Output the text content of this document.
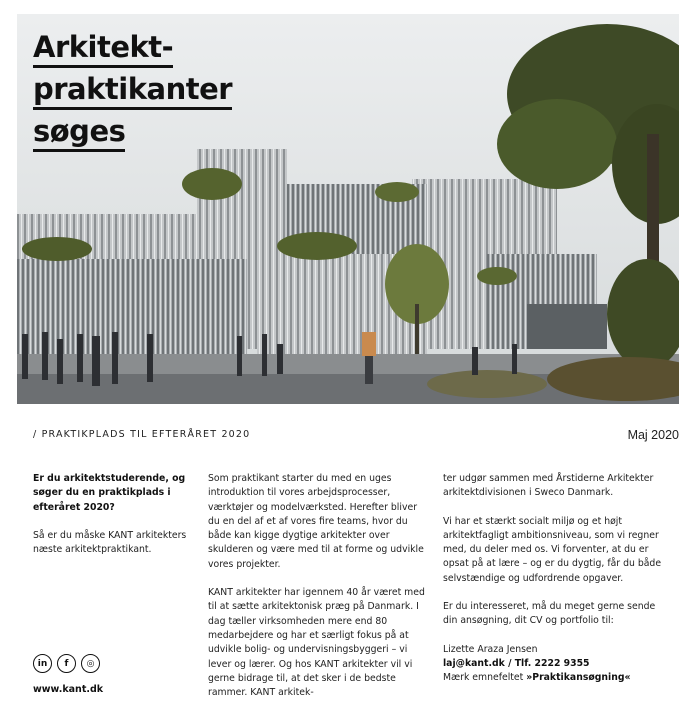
Arkitekt-
praktikanter
søges
/ PRAKTIKPLADS TIL EFTERÅRET 2020	Maj 2020

Er du arkitektstuderende, og søger du en praktikplads i efteråret 2020?

Så er du måske KANT arkitekters næste arkitektpraktikant.

Som praktikant starter du med en uges introduktion til vores arbejdsprocesser, værktøjer og modelværksted. Herefter bliver du en del af et af vores fire teams, hvor du både kan kigge dygtige arkitekter over skulderen og være med til at forme og udvikle vores projekter.

KANT arkitekter har igennem 40 år været med til at sætte arkitektonisk præg på Danmark. I dag tæller virksomheden mere end 80 medarbejdere og har et særligt fokus på at udvikle bolig- og undervisningsbyggeri – vi lever og lærer. Og hos KANT arkitekter vil vi gerne bidrage til, at det sker i de bedste rammer. KANT arkitek-

ter udgør sammen med Årstiderne Arkitekter arkitektdivisionen i Sweco Danmark.

Vi har et stærkt socialt miljø og et højt arkitektfagligt ambitionsniveau, som vi regner med, du deler med os. Vi forventer, at du er opsat på at lære – og er du dygtig, får du både selvstændige og udfordrende opgaver.

Er du interesseret, må du meget gerne sende din ansøgning, dit CV og portfolio til:

Lizette Araza Jensen
laj@kant.dk / Tlf. 2222 9355
Mærk emnefeltet »Praktikansøgning«
in	f	◎
www.kant.dk
